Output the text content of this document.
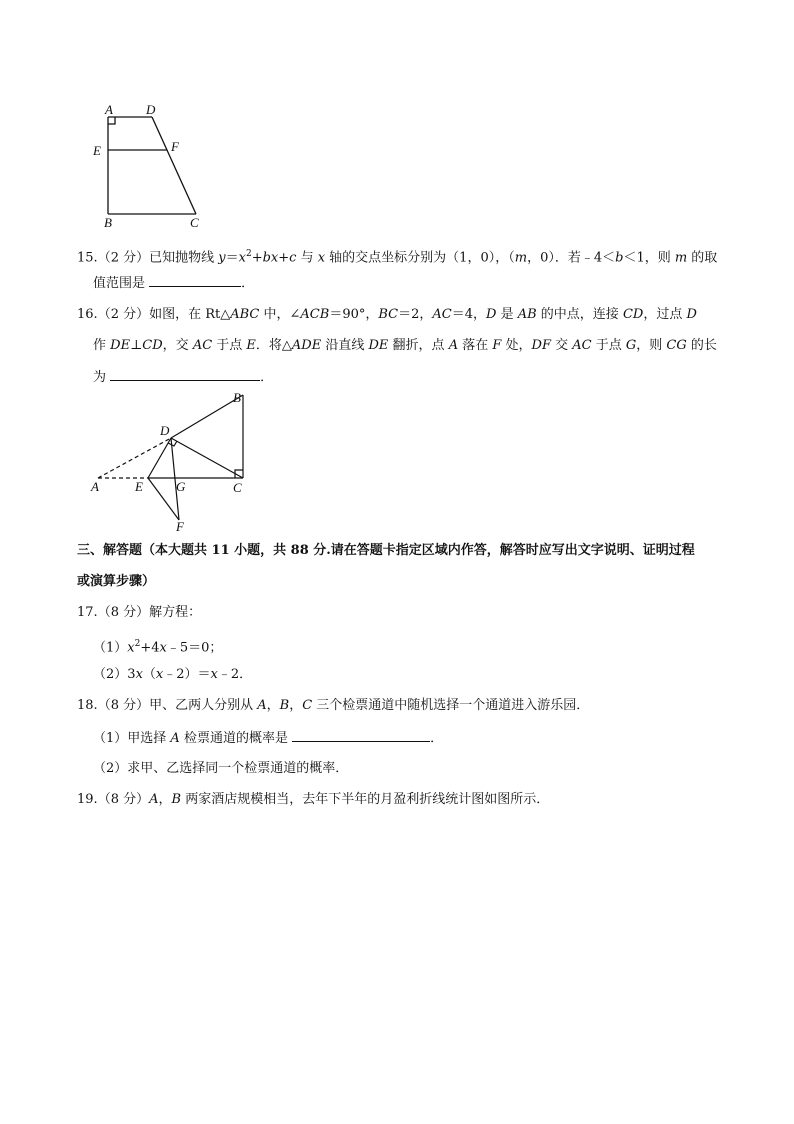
A	D
E	F
B	C
15.（2 分）已知抛物线 $y=x^2+bx+c$ 与 x 轴的交点坐标分别为（1，0），（m，0）．若﹣4＜b＜1，则 m 的取
值范围是	．
16.（2 分）如图，在 Rt△ABC 中，∠ACB＝90°，BC＝2，AC＝4，D 是 AB 的中点，连接 CD，过点 D
作 DE⊥CD，交 AC 于点 E．将△ADE 沿直线 DE 翻折，点 A 落在 F 处，DF 交 AC 于点 G，则 CG 的长
为	．
B
D
A	E	G	C
F
三、解答题（本大题共 11 小题，共 88 分.请在答题卡指定区域内作答，解答时应写出文字说明、证明过程
或演算步骤）
17.（8 分）解方程：
$(1)x^2+4x﹣5=0$；
（2）3x（x﹣2）＝x﹣2．
18.（8 分）甲、乙两人分别从 A，B，C 三个检票通道中随机选择一个通道进入游乐园．
（1）甲选择 A 检票通道的概率是	．
（2）求甲、乙选择同一个检票通道的概率．
19.（8 分）A，B 两家酒店规模相当，去年下半年的月盈利折线统计图如图所示．
